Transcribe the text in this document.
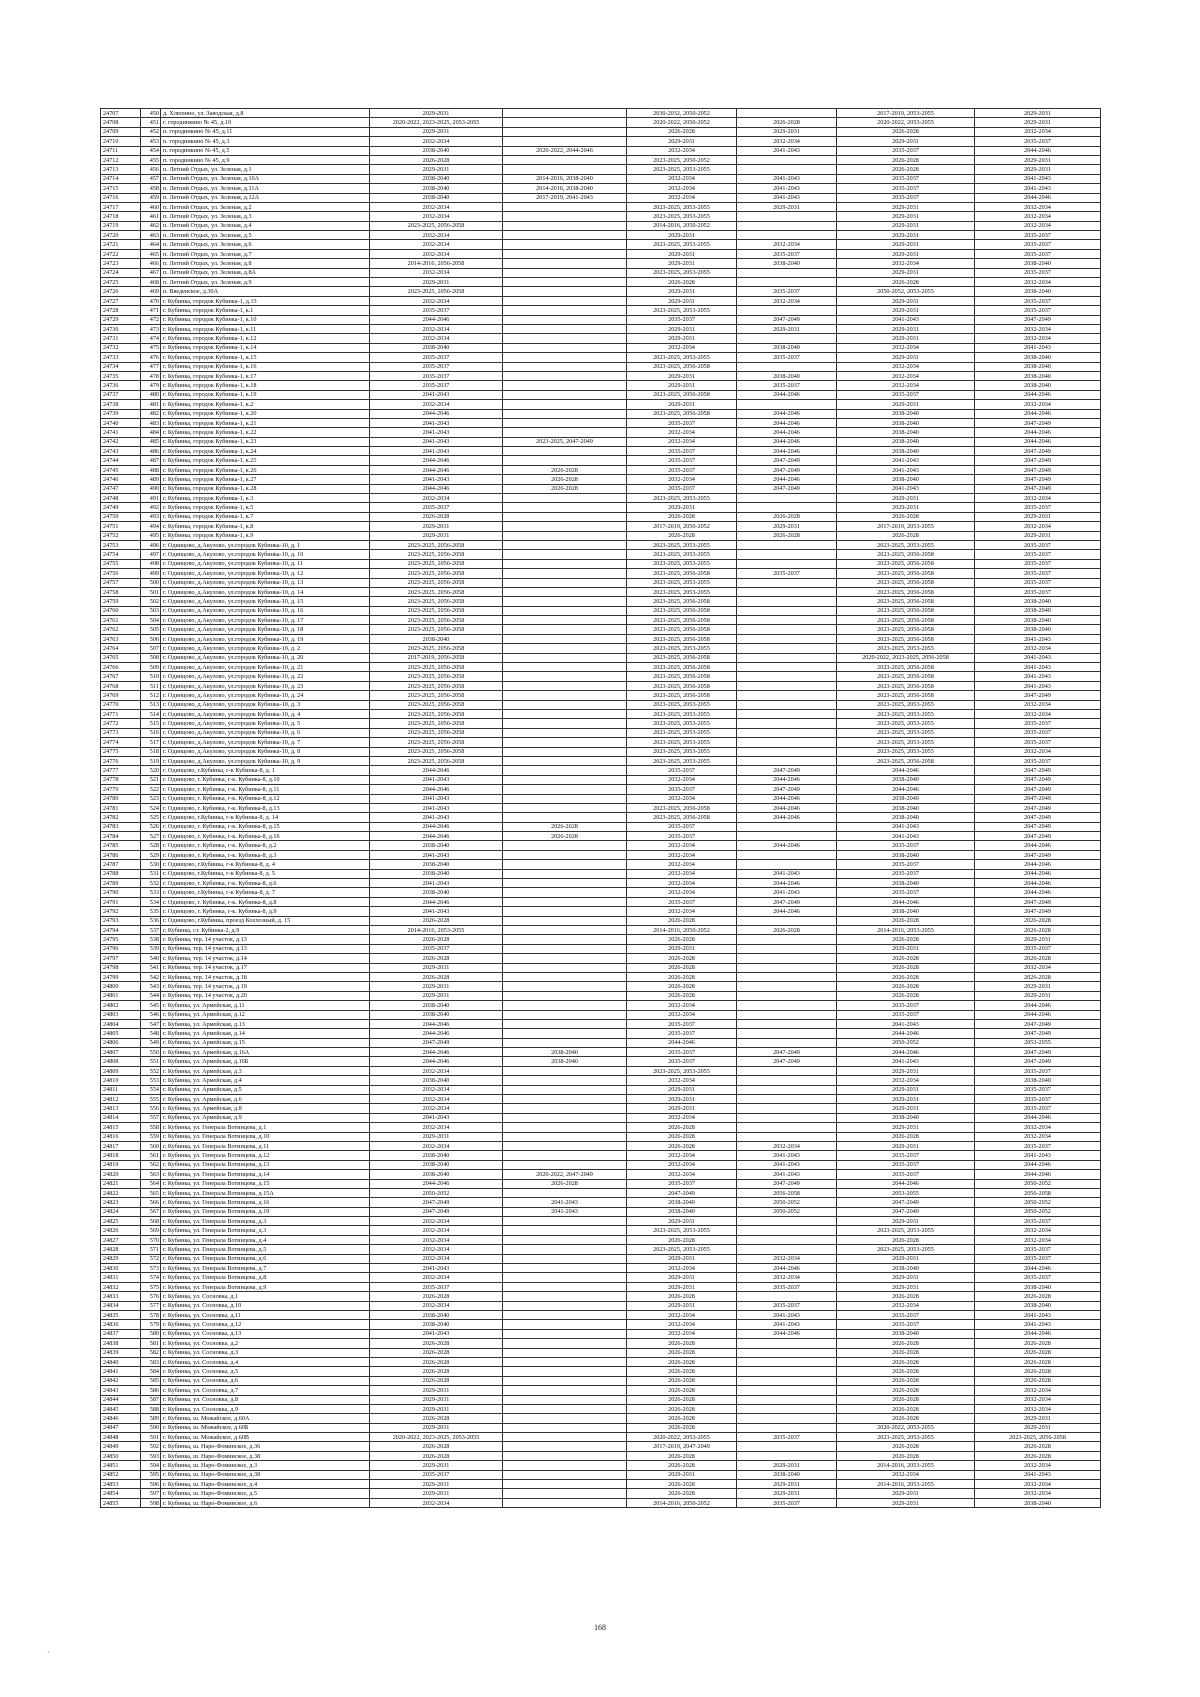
24707	450	д. Хлюпино, ул. Заводская, д.8	2029-2031		2030-2032, 2050-2052		2017-2019, 2053-2055	2029-2031
24708	451	г. городинкино № 45, д.10	2020-2022, 2023-2025, 2053-2055		2020-2022, 2050-2052	2026-2028	2020-2022, 2053-2055	2029-2031
24709	452	п. городинкино № 45, д.11	2029-2031		2026-2028	2029-2031	2026-2028	2032-2034
24710	453	п. городинкино № 45, д.3	2032-2034		2029-2031	2032-2034	2029-2031	2035-2037
24711	454	п. городинкино № 45, д.5	2038-2040	2020-2022, 2044-2046	2032-2034	2041-2043	2035-2037	2044-2046
24712	455	п. городинкино № 45, д.9	2026-2028		2023-2025, 2050-2052		2026-2028	2029-2031
24713	456	п. Летний Отдых, ул. Зеленая, д.1	2029-2031		2023-2025, 2053-2055		2026-2028	2029-2031
24714	457	п. Летний Отдых, ул. Зеленая, д.10А	2038-2040	2014-2016, 2038-2040	2032-2034	2041-2043	2035-2037	2041-2043
24715	458	п. Летний Отдых, ул. Зеленая, д.11А	2038-2040	2014-2016, 2038-2040	2032-2034	2041-2043	2035-2037	2041-2043
24716	459	п. Летний Отдых, ул. Зеленая, д.12А	2038-2040	2017-2019, 2041-2043	2032-2034	2041-2043	2035-2037	2044-2046
24717	460	п. Летний Отдых, ул. Зеленая, д.2	2032-2034		2023-2025, 2053-2055	2029-2031	2029-2031	2032-2034
24718	461	п. Летний Отдых, ул. Зеленая, д.3	2032-2034		2023-2025, 2053-2055		2029-2031	2032-2034
24719	462	п. Летний Отдых, ул. Зеленая, д.4	2023-2025, 2056-2058		2014-2016, 2050-2052		2029-2031	2032-2034
24720	463	п. Летний Отдых, ул. Зеленая, д.5	2032-2034		2029-2031		2029-2031	2035-2037
24721	464	п. Летний Отдых, ул. Зеленая, д.6	2032-2034		2023-2025, 2053-2055	2032-2034	2029-2031	2035-2037
24722	465	п. Летний Отдых, ул. Зеленая, д.7	2032-2034		2029-2031	2035-2037	2029-2031	2035-2037
24723	466	п. Летний Отдых, ул. Зеленая, д.8	2014-2016, 2056-2058		2029-2031	2038-2040	2032-2034	2038-2040
24724	467	п. Летний Отдых, ул. Зеленая, д.8А	2032-2034		2023-2025, 2053-2055		2029-2031	2035-2037
24725	468	п. Летний Отдых, ул. Зеленая, д.9	2029-2031		2026-2028		2026-2028	2032-2034
24726	469	п. Введенское, д.30А	2023-2025, 2056-2058		2029-2031	2035-2037	2050-2052, 2053-2055	2038-2040
24727	470	г. Кубинка, городок Кубинка-1, д.13	2032-2034		2029-2031	2032-2034	2029-2031	2035-2037
24728	471	г. Кубинка, городок Кубинка-1, к.1	2035-2037		2023-2025, 2053-2055		2029-2031	2035-2037
24729	472	г. Кубинка, городок Кубинка-1, к.10	2044-2046		2035-2037	2047-2049	2041-2043	2047-2049
24730	473	г. Кубинка, городок Кубинка-1, к.11	2032-2034		2029-2031	2029-2031	2029-2031	2032-2034
24731	474	г. Кубинка, городок Кубинка-1, к.12	2032-2034		2029-2031		2029-2031	2032-2034
24732	475	г. Кубинка, городок Кубинка-1, к.14	2038-2040		2032-2034	2038-2040	2032-2034	2041-2043
24733	476	г. Кубинка, городок Кубинка-1, к.15	2035-2037		2023-2025, 2053-2055	2035-2037	2029-2031	2038-2040
24734	477	г. Кубинка, городок Кубинка-1, к.16	2035-2037		2023-2025, 2056-2058		2032-2034	2038-2040
24735	478	г. Кубинка, городок Кубинка-1, к.17	2035-2037		2029-2031	2038-2040	2032-2034	2038-2040
24736	479	г. Кубинка, городок Кубинка-1, к.18	2035-2037		2029-2031	2035-2037	2032-2034	2038-2040
24737	480	г. Кубинка, городок Кубинка-1, к.19	2041-2043		2023-2025, 2056-2058	2044-2046	2035-2037	2044-2046
24738	481	г. Кубинка, городок Кубинка-1, к.2	2032-2034		2029-2031		2029-2031	2032-2034
24739	482	г. Кубинка, городок Кубинка-1, к.20	2044-2046		2023-2025, 2056-2058	2044-2046	2038-2040	2044-2046
24740	483	г. Кубинка, городок Кубинка-1, к.21	2041-2043		2035-2037	2044-2046	2038-2040	2047-2049
24741	484	г. Кубинка, городок Кубинка-1, к.22	2041-2043		2032-2034	2044-2046	2038-2040	2044-2046
24742	485	г. Кубинка, городок Кубинка-1, к.23	2041-2043	2023-2025, 2047-2049	2032-2034	2044-2046	2038-2040	2044-2046
24743	486	г. Кубинка, городок Кубинка-1, к.24	2041-2043		2035-2037	2044-2046	2038-2040	2047-2049
24744	487	г. Кубинка, городок Кубинка-1, к.25	2044-2046		2035-2037	2047-2049	2041-2043	2047-2049
24745	488	г. Кубинка, городок Кубинка-1, к.26	2044-2046	2026-2028	2035-2037	2047-2049	2041-2043	2047-2049
24746	489	г. Кубинка, городок Кубинка-1, к.27	2041-2043	2026-2028	2032-2034	2044-2046	2038-2040	2047-2049
24747	490	г. Кубинка, городок Кубинка-1, к.28	2044-2046	2026-2028	2035-2037	2047-2049	2041-2043	2047-2049
24748	491	г. Кубинка, городок Кубинка-1, к.3	2032-2034		2023-2025, 2053-2055		2029-2031	2032-2034
24749	492	г. Кубинка, городок Кубинка-1, к.5	2035-2037		2029-2031		2029-2031	2035-2037
24750	493	г. Кубинка, городок Кубинка-1, к.7	2026-2028		2026-2028	2026-2028	2026-2028	2029-2031
24751	494	г. Кубинка, городок Кубинка-1, к.8	2029-2031		2017-2019, 2050-2052	2029-2031	2017-2019, 2053-2055	2032-2034
24752	495	г. Кубинка, городок Кубинка-1, к.9	2029-2031		2026-2028	2026-2028	2026-2028	2029-2031
24753	496	г. Одинцово, д.Акулово, ул.городок Кубинка-10, д. 1	2023-2025, 2056-2058		2023-2025, 2053-2055		2023-2025, 2053-2055	2035-2037
24754	497	г. Одинцово, д.Акулово, ул.городок Кубинка-10, д. 10	2023-2025, 2056-2058		2023-2025, 2053-2055		2023-2025, 2056-2058	2035-2037
24755	498	г. Одинцово, д.Акулово, ул.городок Кубинка-10, д. 11	2023-2025, 2056-2058		2023-2025, 2053-2055		2023-2025, 2056-2058	2035-2037
24756	499	г. Одинцово, д.Акулово, ул.городок Кубинка-10, д. 12	2023-2025, 2056-2058		2023-2025, 2056-2058	2035-2037	2023-2025, 2056-2058	2035-2037
24757	500	г. Одинцово, д.Акулово, ул.городок Кубинка-10, д. 13	2023-2025, 2056-2058		2023-2025, 2053-2055		2023-2025, 2056-2058	2035-2037
24758	501	г. Одинцово, д.Акулово, ул.городок Кубинка-10, д. 14	2023-2025, 2056-2058		2023-2025, 2053-2055		2023-2025, 2056-2058	2035-2037
24759	502	г. Одинцово, д.Акулово, ул.городок Кубинка-10, д. 15	2023-2025, 2056-2058		2023-2025, 2056-2058		2023-2025, 2056-2058	2038-2040
24760	503	г. Одинцово, д.Акулово, ул.городок Кубинка-10, д. 16	2023-2025, 2056-2058		2023-2025, 2056-2058		2023-2025, 2056-2058	2038-2040
24761	504	г. Одинцово, д.Акулово, ул.городок Кубинка-10, д. 17	2023-2025, 2056-2058		2023-2025, 2056-2058		2023-2025, 2056-2058	2038-2040
24762	505	г. Одинцово, д.Акулово, ул.городок Кубинка-10, д. 18	2023-2025, 2056-2058		2023-2025, 2056-2058		2023-2025, 2056-2058	2038-2040
24763	506	г. Одинцово, д.Акулово, ул.городок Кубинка-10, д. 19	2038-2040		2023-2025, 2056-2058		2023-2025, 2056-2058	2041-2043
24764	507	г. Одинцово, д.Акулово, ул.городок Кубинка-10, д. 2	2023-2025, 2056-2058		2023-2025, 2053-2055		2023-2025, 2053-2055	2032-2034
24765	508	г. Одинцово, д.Акулово, ул.городок Кубинка-10, д. 20	2017-2019, 2056-2058		2023-2025, 2056-2058		2020-2022, 2023-2025, 2056-2058	2041-2043
24766	509	г. Одинцово, д.Акулово, ул.городок Кубинка-10, д. 21	2023-2025, 2056-2058		2023-2025, 2056-2058		2023-2025, 2056-2058	2041-2043
24767	510	г. Одинцово, д.Акулово, ул.городок Кубинка-10, д. 22	2023-2025, 2056-2058		2023-2025, 2056-2058		2023-2025, 2056-2058	2041-2043
24768	511	г. Одинцово, д.Акулово, ул.городок Кубинка-10, д. 23	2023-2025, 2056-2058		2023-2025, 2056-2058		2023-2025, 2056-2058	2041-2043
24769	512	г. Одинцово, д.Акулово, ул.городок Кубинка-10, д. 24	2023-2025, 2056-2058		2023-2025, 2056-2058		2023-2025, 2056-2058	2047-2049
24770	513	г. Одинцово, д.Акулово, ул.городок Кубинка-10, д. 3	2023-2025, 2056-2058		2023-2025, 2053-2055		2023-2025, 2053-2055	2032-2034
24771	514	г. Одинцово, д.Акулово, ул.городок Кубинка-10, д. 4	2023-2025, 2056-2058		2023-2025, 2053-2055		2023-2025, 2053-2055	2032-2034
24772	515	г. Одинцово, д.Акулово, ул.городок Кубинка-10, д. 5	2023-2025, 2056-2058		2023-2025, 2053-2055		2023-2025, 2053-2055	2035-2037
24773	516	г. Одинцово, д.Акулово, ул.городок Кубинка-10, д. 6	2023-2025, 2056-2058		2023-2025, 2053-2055		2023-2025, 2053-2055	2035-2037
24774	517	г. Одинцово, д.Акулово, ул.городок Кубинка-10, д. 7	2023-2025, 2056-2058		2023-2025, 2053-2055		2023-2025, 2053-2055	2035-2037
24775	518	г. Одинцово, д.Акулово, ул.городок Кубинка-10, д. 8	2023-2025, 2056-2058		2023-2025, 2053-2055		2023-2025, 2053-2055	2032-2034
24776	519	г. Одинцово, д.Акулово, ул.городок Кубинка-10, д. 9	2023-2025, 2056-2058		2023-2025, 2053-2055		2023-2025, 2056-2058	2035-2037
24777	520	г. Одинцово, г.Кубинка, г-к Кубинка-8, д. 1	2044-2046		2035-2037	2047-2049	2044-2046	2047-2049
24778	521	г. Одинцово, г. Кубинка, г-к. Кубинка-8, д.10	2041-2043		2032-2034	2044-2046	2038-2040	2047-2049
24779	522	г. Одинцово, г. Кубинка, г-к. Кубинка-8, д.11	2044-2046		2035-2037	2047-2049	2044-2046	2047-2049
24780	523	г. Одинцово, г. Кубинка, г-к. Кубинка-8, д.12	2041-2043		2032-2034	2044-2046	2038-2040	2047-2049
24781	524	г. Одинцово, г. Кубинка, г-к. Кубинка-8, д.13	2041-2043		2023-2025, 2056-2058	2044-2046	2038-2040	2047-2049
24782	525	г. Одинцово, г.Кубинка, г-к Кубинка-8, д. 14	2041-2043		2023-2025, 2056-2058	2044-2046	2038-2040	2047-2049
24783	526	г. Одинцово, г. Кубинка, г-к. Кубинка-8, д.15	2044-2046	2026-2028	2035-2037		2041-2043	2047-2049
24784	527	г. Одинцово, г. Кубинка, г-к. Кубинка-8, д.16	2044-2046	2026-2028	2035-2037		2041-2043	2047-2049
24785	528	г. Одинцово, г. Кубинка, г-к. Кубинка-8, д.2	2038-2040		2032-2034	2044-2046	2035-2037	2044-2046
24786	529	г. Одинцово, г. Кубинка, г-к. Кубинка-8, д.3	2041-2043		2032-2034		2038-2040	2047-2049
24787	530	г. Одинцово, г.Кубинка, г-к Кубинка-8, д. 4	2038-2040		2032-2034		2035-2037	2044-2046
24788	531	г. Одинцово, г.Кубинка, г-к Кубинка-8, д. 5	2038-2040		2032-2034	2041-2043	2035-2037	2044-2046
24789	532	г. Одинцово, г. Кубинка, г-к. Кубинка-8, д.6	2041-2043		2032-2034	2044-2046	2038-2040	2044-2046
24790	533	г. Одинцово, г.Кубинка, г-к Кубинка-8, д. 7	2038-2040		2032-2034	2041-2043	2035-2037	2044-2046
24791	534	г. Одинцово, г. Кубинка, г-к. Кубинка-8, д.8	2044-2046		2035-2037	2047-2049	2044-2046	2047-2049
24792	535	г. Одинцово, г. Кубинка, г-к. Кубинка-8, д.9	2041-2043		2032-2034	2044-2046	2038-2040	2047-2049
24793	536	г. Одинцово, г.Кубинка, проезд Колхозный, д. 15	2026-2028		2026-2028		2026-2028	2026-2028
24794	537	г. Кубинка, ст. Кубинка-2, д.9	2014-2016, 2053-2055		2014-2016, 2050-2052	2026-2028	2014-2016, 2053-2055	2026-2028
24795	538	г. Кубинка, тер. 14 участок, д.13	2026-2028		2026-2028		2026-2028	2029-2031
24796	539	г. Кубинка, тер. 14 участок, д.13	2035-2037		2029-2031		2029-2031	2035-2037
24797	540	г. Кубинка, тер. 14 участок, д.14	2026-2028		2026-2028		2026-2028	2026-2028
24798	541	г. Кубинка, тер. 14 участок, д.17	2029-2031		2026-2028		2026-2028	2032-2034
24799	542	г. Кубинка, тер. 14 участок, д.18	2026-2028		2026-2028		2026-2028	2026-2028
24800	543	г. Кубинка, тер. 14 участок, д.19	2029-2031		2026-2028		2026-2028	2029-2031
24801	544	г. Кубинка, тер. 14 участок, д.20	2029-2031		2026-2028		2026-2028	2029-2031
24802	545	г. Кубинка, ул. Армейская, д.11	2038-2040		2032-2034		2035-2037	2044-2046
24803	546	г. Кубинка, ул. Армейская, д.12	2038-2040		2032-2034		2035-2037	2044-2046
24804	547	г. Кубинка, ул. Армейская, д.13	2044-2046		2035-2037		2041-2043	2047-2049
24805	548	г. Кубинка, ул. Армейская, д.14	2044-2046		2035-2037		2044-2046	2047-2049
24806	549	г. Кубинка, ул. Армейская, д.15	2047-2049		2044-2046		2050-2052	2053-2055
24807	550	г. Кубинка, ул. Армейская, д.16А	2044-2046	2038-2040	2035-2037	2047-2049	2044-2046	2047-2049
24808	551	г. Кубинка, ул. Армейская, д.16Б	2044-2046	2038-2040	2035-2037	2047-2049	2041-2043	2047-2049
24809	552	г. Кубинка, ул. Армейская, д.3	2032-2034		2023-2025, 2053-2055		2029-2031	2035-2037
24810	553	г. Кубинка, ул. Армейская, д.4	2038-2040		2032-2034		2032-2034	2038-2040
24811	554	г. Кубинка, ул. Армейская, д.5	2032-2034		2029-2031		2029-2031	2035-2037
24812	555	г. Кубинка, ул. Армейская, д.6	2032-2034		2029-2031		2029-2031	2035-2037
24813	556	г. Кубинка, ул. Армейская, д.8	2032-2034		2029-2031		2029-2031	2035-2037
24814	557	г. Кубинка, ул. Армейская, д.9	2041-2043		2032-2034		2038-2040	2044-2046
24815	558	г. Кубинка, ул. Генерала Вотинцева, д.1	2032-2034		2026-2028		2029-2031	2032-2034
24816	559	г. Кубинка, ул. Генерала Вотинцева, д.10	2029-2031		2026-2028		2026-2028	2032-2034
24817	560	г. Кубинка, ул. Генерала Вотинцева, д.11	2032-2034		2026-2028	2032-2034	2029-2031	2035-2037
24818	561	г. Кубинка, ул. Генерала Вотинцева, д.12	2038-2040		2032-2034	2041-2043	2035-2037	2041-2043
24819	562	г. Кубинка, ул. Генерала Вотинцева, д.13	2038-2040		2032-2034	2041-2043	2035-2037	2044-2046
24820	563	г. Кубинка, ул. Генерала Вотинцева, д.14	2038-2040	2020-2022, 2047-2049	2032-2034	2041-2043	2035-2037	2044-2046
24821	564	г. Кубинка, ул. Генерала Вотинцева, д.15	2044-2046	2026-2028	2035-2037	2047-2049	2044-2046	2050-2052
24822	565	г. Кубинка, ул. Генерала Вотинцева, д.15А	2050-2052		2047-2049	2056-2058	2053-2055	2056-2058
24823	566	г. Кубинка, ул. Генерала Вотинцева, д.16	2047-2049	2041-2043	2038-2040	2050-2052	2047-2049	2050-2052
24824	567	г. Кубинка, ул. Генерала Вотинцева, д.19	2047-2049	2041-2043	2038-2040	2050-2052	2047-2049	2050-2052
24825	568	г. Кубинка, ул. Генерала Вотинцева, д.3	2032-2034		2029-2031		2029-2031	2035-2037
24826	569	г. Кубинка, ул. Генерала Вотинцева, д.3	2032-2034		2023-2025, 2053-2055		2023-2025, 2053-2055	2032-2034
24827	570	г. Кубинка, ул. Генерала Вотинцева, д.4	2032-2034		2026-2028		2026-2028	2032-2034
24828	571	г. Кубинка, ул. Генерала Вотинцева, д.5	2032-2034		2023-2025, 2053-2055		2023-2025, 2053-2055	2035-2037
24829	572	г. Кубинка, ул. Генерала Вотинцева, д.6	2032-2034		2029-2031	2032-2034	2029-2031	2035-2037
24830	573	г. Кубинка, ул. Генерала Вотинцева, д.7	2041-2043		2032-2034	2044-2046	2038-2040	2044-2046
24831	574	г. Кубинка, ул. Генерала Вотинцева, д.8	2032-2034		2029-2031	2032-2034	2029-2031	2035-2037
24832	575	г. Кубинка, ул. Генерала Вотинцева, д.9	2035-2037		2029-2031	2035-2037	2029-2031	2038-2040
24833	576	г. Кубинка, ул. Сосновка, д.1	2026-2028		2026-2028		2026-2028	2026-2028
24834	577	г. Кубинка, ул. Сосновка, д.10	2032-2034		2029-2031	2035-2037	2032-2034	2038-2040
24835	578	г. Кубинка, ул. Сосновка, д.11	2038-2040		2032-2034	2041-2043	2035-2037	2041-2043
24836	579	г. Кубинка, ул. Сосновка, д.12	2038-2040		2032-2034	2041-2043	2035-2037	2041-2043
24837	580	г. Кубинка, ул. Сосновка, д.13	2041-2043		2032-2034	2044-2046	2038-2040	2044-2046
24838	581	г. Кубинка, ул. Сосновка, д.2	2026-2028		2026-2028		2026-2028	2026-2028
24839	582	г. Кубинка, ул. Сосновка, д.3	2026-2028		2026-2028		2026-2028	2026-2028
24840	583	г. Кубинка, ул. Сосновка, д.4	2026-2028		2026-2028		2026-2028	2026-2028
24841	584	г. Кубинка, ул. Сосновка, д.5	2026-2028		2026-2028		2026-2028	2026-2028
24842	585	г. Кубинка, ул. Сосновка, д.6	2026-2028		2026-2028		2026-2028	2026-2028
24843	586	г. Кубинка, ул. Сосновка, д.7	2029-2031		2026-2028		2026-2028	2032-2034
24844	587	г. Кубинка, ул. Сосновка, д.8	2029-2031		2026-2028		2026-2028	2032-2034
24845	588	г. Кубинка, ул. Сосновка, д.9	2029-2031		2026-2028		2026-2028	2032-2034
24846	589	г. Кубинка, ш. Можайское, д.60А	2026-2028		2026-2028		2026-2028	2029-2031
24847	590	г. Кубинка, ш. Можайское, д.60Б	2029-2031		2026-2028		2020-2022, 2053-2055	2029-2031
24848	591	г. Кубинка, ш. Можайское, д.60В	2020-2022, 2023-2025, 2053-2055		2020-2022, 2053-2055	2035-2037	2023-2025, 2053-2055	2023-2025, 2056-2058
24849	592	г. Кубинка, ш. Наро-Фоминское, д.36	2026-2028		2017-2019, 2047-2049		2026-2028	2026-2028
24850	593	г. Кубинка, ш. Наро-Фоминское, д.38	2026-2028		2026-2028		2026-2028	2026-2028
24851	594	г. Кубинка, ш. Наро-Фоминское, д.3	2029-2031		2026-2028	2029-2031	2014-2016, 2053-2055	2032-2034
24852	595	г. Кубинка, ш. Наро-Фоминское, д.38	2035-2037		2029-2031	2038-2040	2032-2034	2041-2043
24853	596	г. Кубинка, ш. Наро-Фоминское, д.4	2029-2031		2026-2028	2029-2031	2014-2016, 2053-2055	2032-2034
24854	597	г. Кубинка, ш. Наро-Фоминское, д.5	2029-2031		2026-2028	2029-2031	2029-2031	2032-2034
24855	598	г. Кубинка, ш. Наро-Фоминское, д.6	2032-2034		2014-2016, 2050-2052	2035-2037	2029-2031	2038-2040
168
’
